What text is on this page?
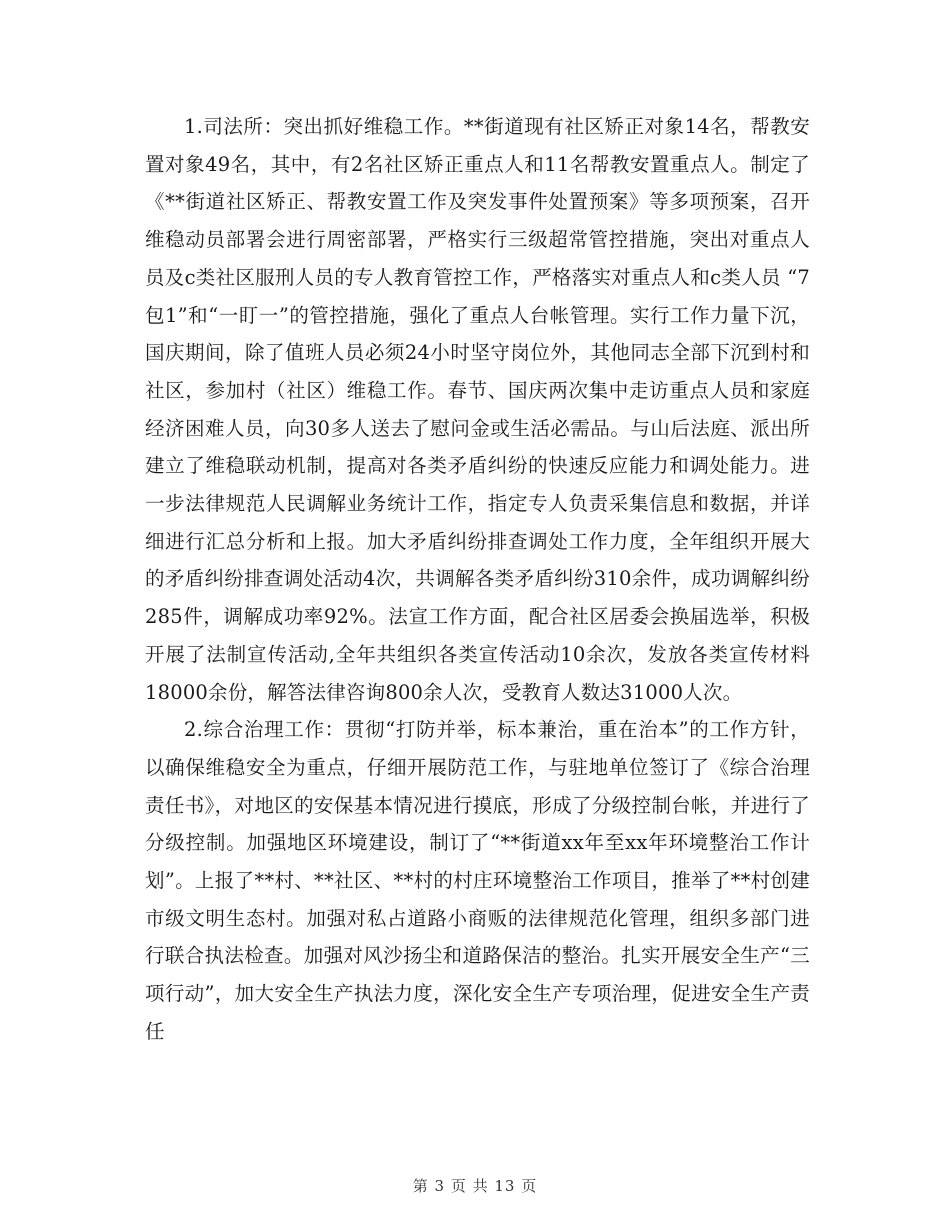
1.司法所：突出抓好维稳工作。**街道现有社区矫正对象14名，帮教安置对象49名，其中，有2名社区矫正重点人和11名帮教安置重点人。制定了《**街道社区矫正、帮教安置工作及突发事件处置预案》等多项预案，召开维稳动员部署会进行周密部署，严格实行三级超常管控措施，突出对重点人员及c类社区服刑人员的专人教育管控工作，严格落实对重点人和c类人员 “7包1”和“一盯一”的管控措施，强化了重点人台帐管理。实行工作力量下沉，国庆期间，除了值班人员必须24小时坚守岗位外，其他同志全部下沉到村和社区，参加村（社区）维稳工作。春节、国庆两次集中走访重点人员和家庭经济困难人员，向30多人送去了慰问金或生活必需品。与山后法庭、派出所建立了维稳联动机制，提高对各类矛盾纠纷的快速反应能力和调处能力。进一步法律规范人民调解业务统计工作，指定专人负责采集信息和数据，并详细进行汇总分析和上报。加大矛盾纠纷排查调处工作力度，全年组织开展大的矛盾纠纷排查调处活动4次，共调解各类矛盾纠纷310余件，成功调解纠纷285件，调解成功率92%。法宣工作方面，配合社区居委会换届选举，积极开展了法制宣传活动,全年共组织各类宣传活动10余次，发放各类宣传材料18000余份，解答法律咨询800余人次，受教育人数达31000人次。

2.综合治理工作：贯彻“打防并举，标本兼治，重在治本”的工作方针，以确保维稳安全为重点，仔细开展防范工作，与驻地单位签订了《综合治理责任书》，对地区的安保基本情况进行摸底，形成了分级控制台帐，并进行了分级控制。加强地区环境建设，制订了“**街道xx年至xx年环境整治工作计划”。上报了**村、**社区、**村的村庄环境整治工作项目，推举了**村创建市级文明生态村。加强对私占道路小商贩的法律规范化管理，组织多部门进行联合执法检查。加强对风沙扬尘和道路保洁的整治。扎实开展安全生产“三项行动”，加大安全生产执法力度，深化安全生产专项治理，促进安全生产责任

第 3 页 共 13 页
